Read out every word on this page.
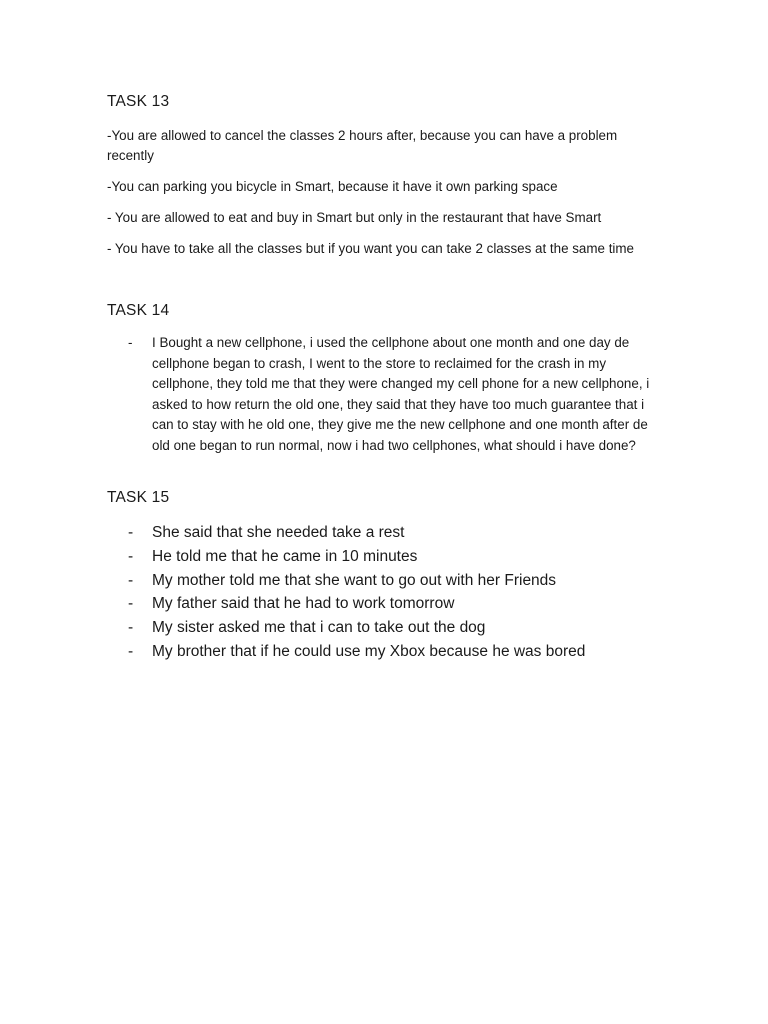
TASK 13

-You are allowed to cancel the classes 2 hours after, because you can have a problem recently

-You can parking you bicycle in Smart, because it have it own parking space

- You are allowed to eat and buy in Smart but only in the restaurant that have Smart

- You have to take all the classes but if you want you can take 2 classes at the same time

TASK 14
- I Bought a new cellphone, i used the cellphone about one month and one day de cellphone began to crash, I went to the store to reclaimed for the crash in my cellphone, they told me that they were changed my cell phone for a new cellphone, i asked to how return the old one, they said that they have too much guarantee that i can to stay with he old one, they give me the new cellphone and one month after de old one began to run normal, now i had two cellphones, what should i have done?
TASK 15
- She said that she needed take a rest
- He told me that he came in 10 minutes
- My mother told me that she want to go out with her Friends
- My father said that he had to work tomorrow
- My sister asked me that i can to take out the dog
- My brother that if he could use my Xbox because he was bored
